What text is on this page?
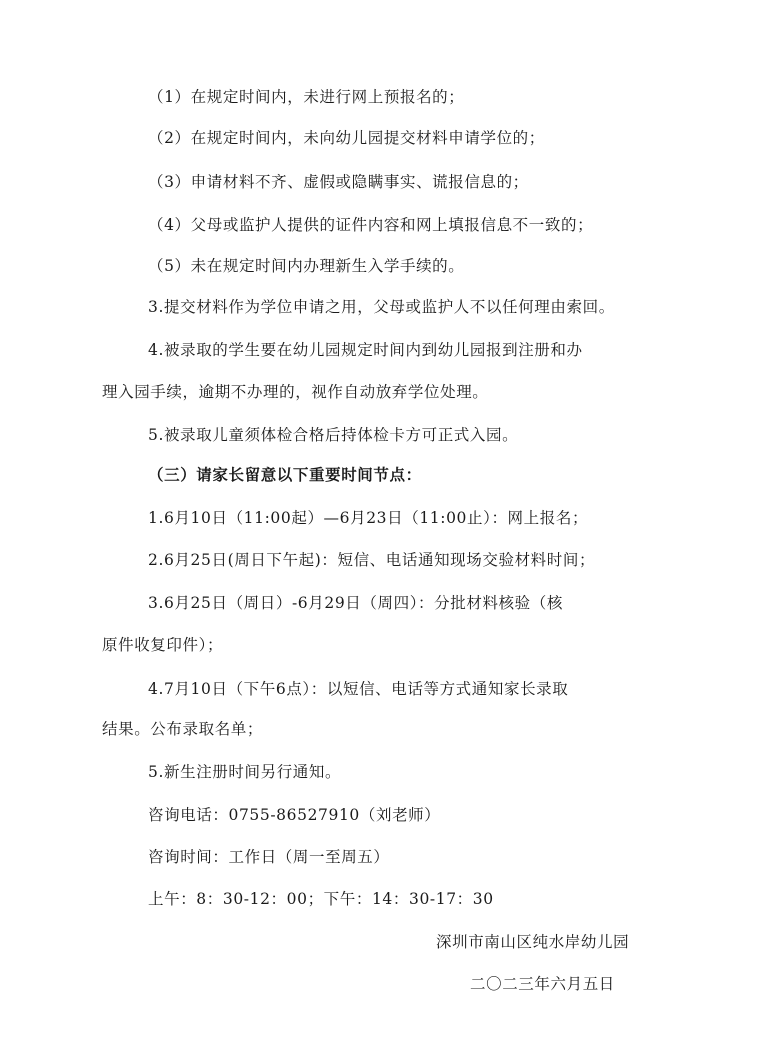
（1）在规定时间内，未进行网上预报名的；
（2）在规定时间内，未向幼儿园提交材料申请学位的；
（3）申请材料不齐、虚假或隐瞒事实、谎报信息的；
（4）父母或监护人提供的证件内容和网上填报信息不一致的；
（5）未在规定时间内办理新生入学手续的。
3.提交材料作为学位申请之用，父母或监护人不以任何理由索回。
4.被录取的学生要在幼儿园规定时间内到幼儿园报到注册和办
理入园手续，逾期不办理的，视作自动放弃学位处理。
5.被录取儿童须体检合格后持体检卡方可正式入园。
（三）请家长留意以下重要时间节点：
1.6月10日（11:00起）—6月23日（11:00止）：网上报名；
2.6月25日(周日下午起)：短信、电话通知现场交验材料时间；
3.6月25日（周日）-6月29日（周四）：分批材料核验（核
原件收复印件）；
4.7月10日（下午6点）：以短信、电话等方式通知家长录取
结果。公布录取名单；
5.新生注册时间另行通知。
咨询电话：0755-86527910（刘老师）
咨询时间：工作日（周一至周五）
上午：8：30-12：00；下午：14：30-17：30
深圳市南山区纯水岸幼儿园
二〇二三年六月五日
